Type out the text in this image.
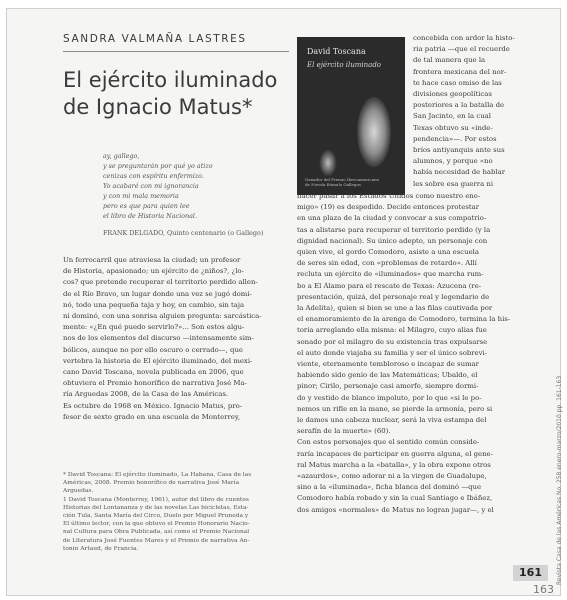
SANDRA VALMAÑA LASTRES
El ejército iluminado
de Ignacio Matus*
ay, gallego,
y se preguntarán por qué yo atizo
cenizas con espíritu enfermizo.
Yo acabaré con mi ignorancia
y con mi mala memoria
pero es que para quien lee
el libro de Historia Nacional.
FRANK DELGADO, Quinto centenario (o Gallego)
Un ferrocarril que atraviesa la ciudad; un profesor
de Historia, apasionado; un ejército de ¿niños?, ¿lo-
cos? que pretende recuperar el territorio perdido allen-
de el Río Bravo, un lugar donde una vez se jugó domi-
nó, todo una pequeña taja y hoy, en cambio, sin taja
ni dominó, con una sonrisa alguien pregunta: sarcástica-
mente: «¿En qué puedo servirlo?»... Son estos algu-
nos de los elementos del discurso —intensamente sim-
bólicos, aunque no por ello oscuro o cerrado—, que
vertebra la historia de El ejército iluminado, del mexi-
cano David Toscana, novela publicada en 2006, que
obtuviera el Premio honorífico de narrativa José Ma-
ría Arguedas 2008, de la Casa de las Américas.
Es octubre de 1968 en México. Ignacio Matus, pro-
fesor de sexto grado en una escuela de Monterrey,
* David Toscana: El ejército iluminado, La Habana, Casa de las
Américas, 2008. Premio honorífico de narrativa José María
Arguedas.
1 David Toscana (Monterrey, 1961), autor del libro de cuentos
Historias del Lontananza y de las novelas Las bicicletas, Esta-
ción Tula, Santa María del Circo, Duelo por Miguel Pruneda y
El último lector, con la que obtuvo el Premio Honorario Nacio-
nal Cultura para Obra Publicada, así como el Premio Nacional
de Literatura José Fuentes Mares y el Premio de narrativa An-
tonin Artaud, de Francia.
David Toscana
El ejército iluminado
Ganador del Premio Iberoamericano
de Novela Rómulo Gallegos
concebida con ardor la histo-
ria patria —que el recuerde
de tal manera que la
frontera mexicana del nor-
te hace caso omiso de las
divisiones geopolíticas
posteriores a la batalla de
San Jacinto, en la cual
Texas obtuvo su «inde-
pendencia»—. Por estos
bríos antiyanquis ante sus
alumnos, y porque «no
había necesidad de hablar
les sobre esa guerra ni
hacer pasar a los Estados Unidos como nuestro ene-
migo» (19) es despedido. Decide entonces protestar
en una plaza de la ciudad y convocar a sus compatrio-
tas a alistarse para recuperar el territorio perdido (y la
dignidad nacional). Su único adepto, un personaje con
quien vive, el gordo Comodoro, asiste a una escuela
de seres sin edad, con «problemas de retardo». Allí
recluta un ejército de «iluminados» que marcha rum-
bo a El Álamo para el rescate de Texas: Azucena (re-
presentación, quizá, del personaje real y legendario de
la Adelita), quien si bien se une a las filas cautivada por
el enamoramiento de la arenga de Comodoro, termina la his-
toria arreglando ella misma: el Milagro, cuyo alias fue
sonado por el milagro de su existencia tras expulsarse
el auto donde viajaba su familia y ser el único sobrevi-
viente, eternamente tembloroso e incapaz de sumar
habiendo sido genio de las Matemáticas; Ubaldo, el
pinor; Cirilo, personaje casi amorfo, siempre dormi-
do y vestido de blanco impoluto, por lo que «si le po-
nemos un rifle en la mano, se pierde la armonía, pero si
le damos una cabeza nuclear, será la viva estampa del
serafín de la muerte» (60).
Con estos personajes que el sentido común conside-
raría incapaces de participar en guerra alguna, el gene-
ral Matus marcha a la «batalla», y la obra expone otros
«azaurdos», como adorar ni a la virgen de Guadalupe,
sino a la «iluminada», ficha blanca del dominó —que
Comodoro había robado y sin la cual Santiago e Ibáñez,
dos amigos «normales» de Matus no logran jugar—, y el	Revista Casa de las Américas No. 258 enero-marzo/2010 pp. 161-163
161
163
